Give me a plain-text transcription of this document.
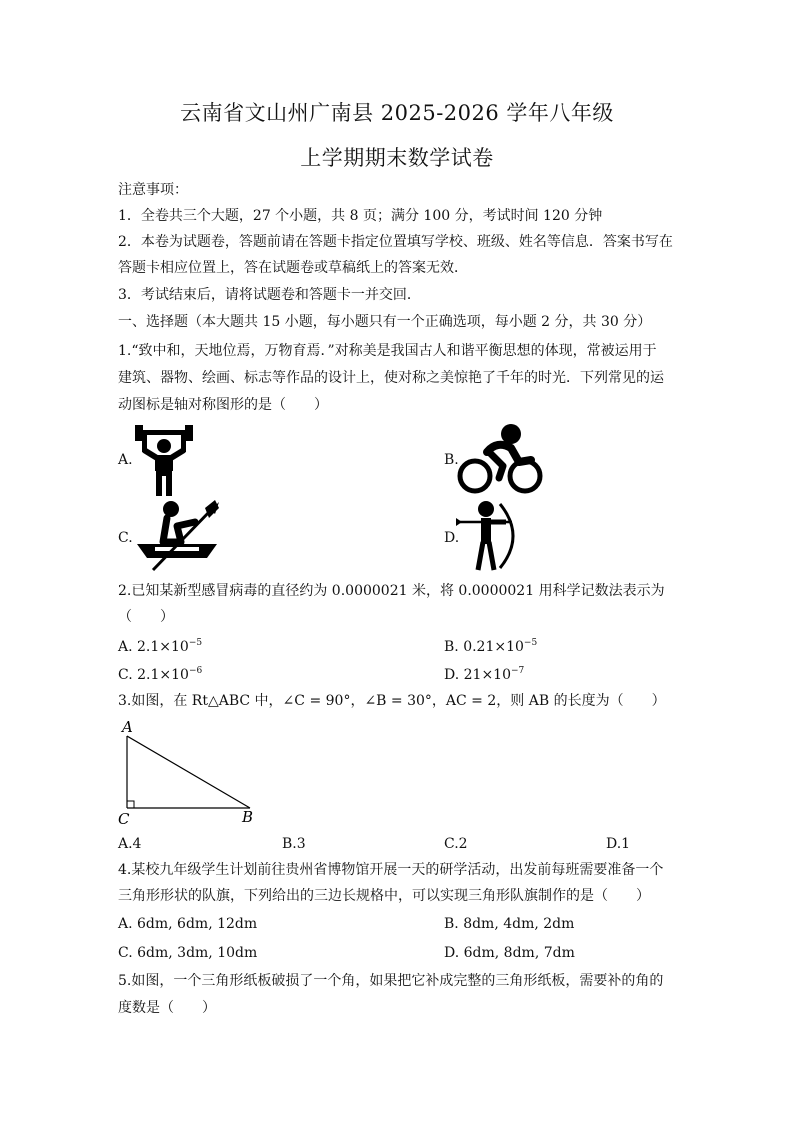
云南省文山州广南县 2025-2026 学年八年级
上学期期末数学试卷
注意事项：
1．全卷共三个大题，27 个小题，共 8 页；满分 100 分，考试时间 120 分钟
2．本卷为试题卷，答题前请在答题卡指定位置填写学校、班级、姓名等信息．答案书写在
答题卡相应位置上，答在试题卷或草稿纸上的答案无效．
3．考试结束后，请将试题卷和答题卡一并交回．
一、选择题（本大题共 15 小题，每小题只有一个正确选项，每小题 2 分，共 30 分）
1.“致中和，天地位焉，万物育焉．”对称美是我国古人和谐平衡思想的体现，常被运用于
建筑、器物、绘画、标志等作品的设计上，使对称之美惊艳了千年的时光．下列常见的运
动图标是轴对称图形的是（　　）
A.	B.
C.	D.
2.已知某新型感冒病毒的直径约为 0.0000021 米，将 0.0000021 用科学记数法表示为
（　　）
A. $2.1\times 10^{-5}$	B. $0.21\times 10^{-5}$
C. $2.1\times 10^{-6}$	D. $21\times 10^{-7}$
3.如图，在 Rt△ABC 中，∠C = 90°，∠B = 30°，AC = 2，则 AB 的长度为（　　）
A
C	B
A.4	B.3	C.2	D.1
4.某校九年级学生计划前往贵州省博物馆开展一天的研学活动，出发前每班需要准备一个
三角形形状的队旗，下列给出的三边长规格中，可以实现三角形队旗制作的是（　　）
A. 6dm, 6dm, 12dm	B. 8dm, 4dm, 2dm
C. 6dm, 3dm, 10dm	D. 6dm, 8dm, 7dm
5.如图，一个三角形纸板破损了一个角，如果把它补成完整的三角形纸板，需要补的角的
度数是（　　）
